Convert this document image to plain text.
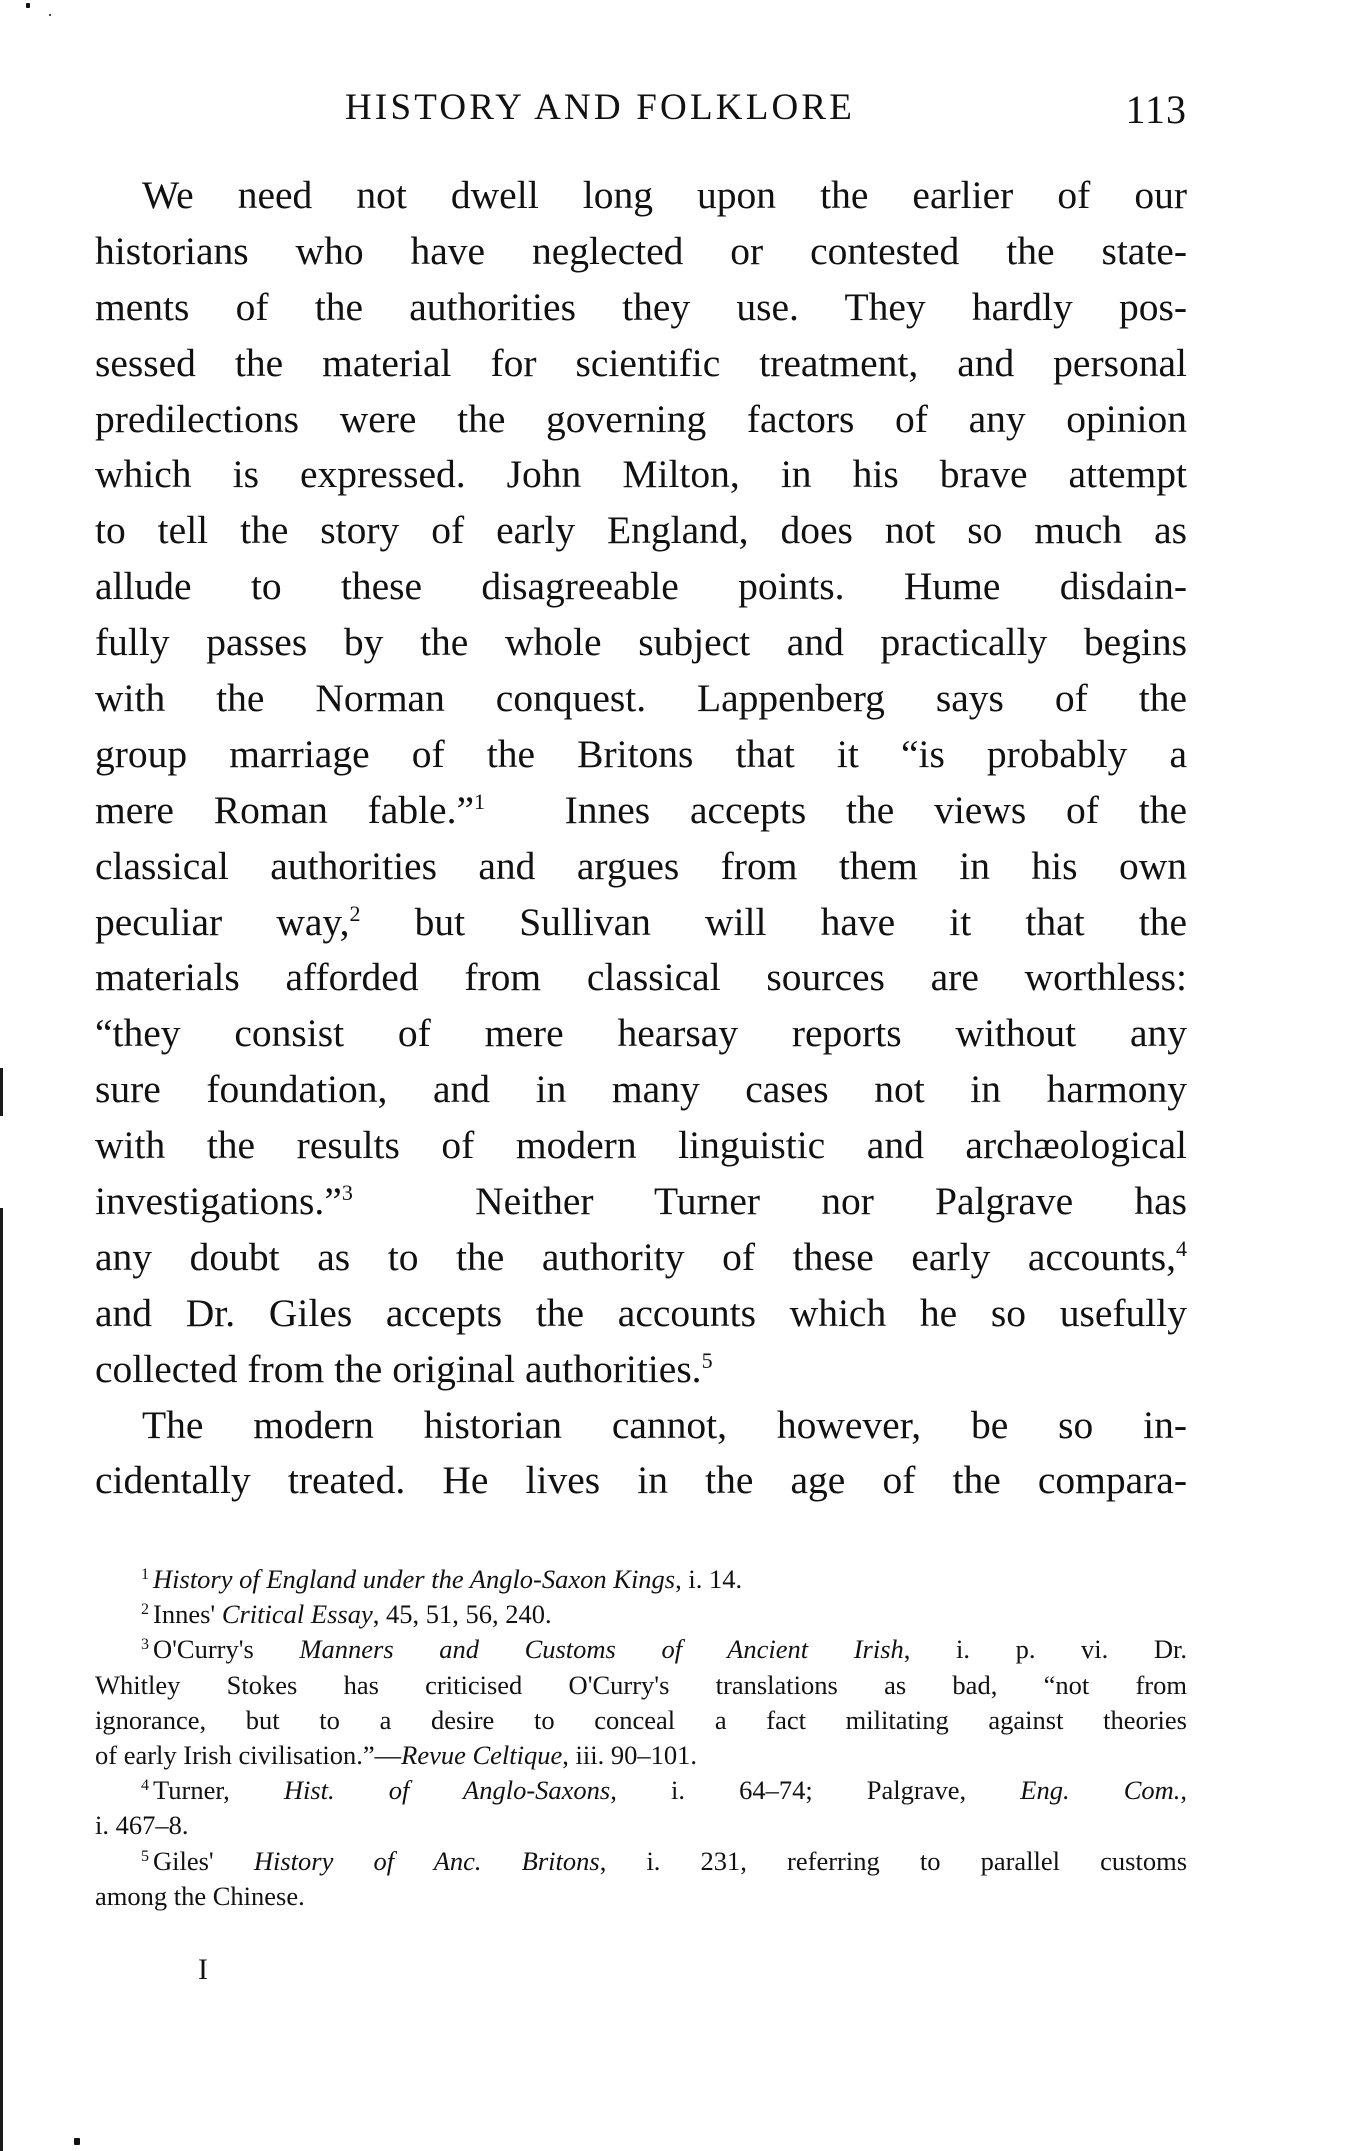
HISTORY AND FOLKLORE	113
We need not dwell long upon the earlier of our
historians who have neglected or contested the state-
ments of the authorities they use. They hardly pos-
sessed the material for scientific treatment, and personal
predilections were the governing factors of any opinion
which is expressed. John Milton, in his brave attempt
to tell the story of early England, does not so much as
allude to these disagreeable points. Hume disdain-
fully passes by the whole subject and practically begins
with the Norman conquest. Lappenberg says of the
group marriage of the Britons that it “is probably a
mere Roman fable.”$^1$ Innes accepts the views of the
classical authorities and argues from them in his own
peculiar way,$^2$ but Sullivan will have it that the
materials afforded from classical sources are worthless:
“they consist of mere hearsay reports without any
sure foundation, and in many cases not in harmony
with the results of modern linguistic and archæological
investigations.”$^3$	Neither Turner nor Palgrave has
any doubt as to the authority of these early accounts,$^4$
and Dr. Giles accepts the accounts which he so usefully
collected from the original authorities.$^5$
The modern historian cannot, however, be so in-
cidentally treated. He lives in the age of the compara-
$^1$ History of England under the Anglo-Saxon Kings, i. 14.
$^2$ Innes' Critical Essay, 45, 51, 56, 240.
$^3$ O'Curry's Manners and Customs of Ancient Irish, i. p. vi. Dr.
Whitley Stokes has criticised O'Curry's translations as bad, “not from
ignorance, but to a desire to conceal a fact militating against theories
of early Irish civilisation.”—Revue Celtique, iii. 90–101.
$^4$ Turner, Hist. of Anglo-Saxons, i. 64–74; Palgrave, Eng. Com.,
i. 467–8.
$^5$ Giles' History of Anc. Britons, i. 231, referring to parallel customs
among the Chinese.
I
